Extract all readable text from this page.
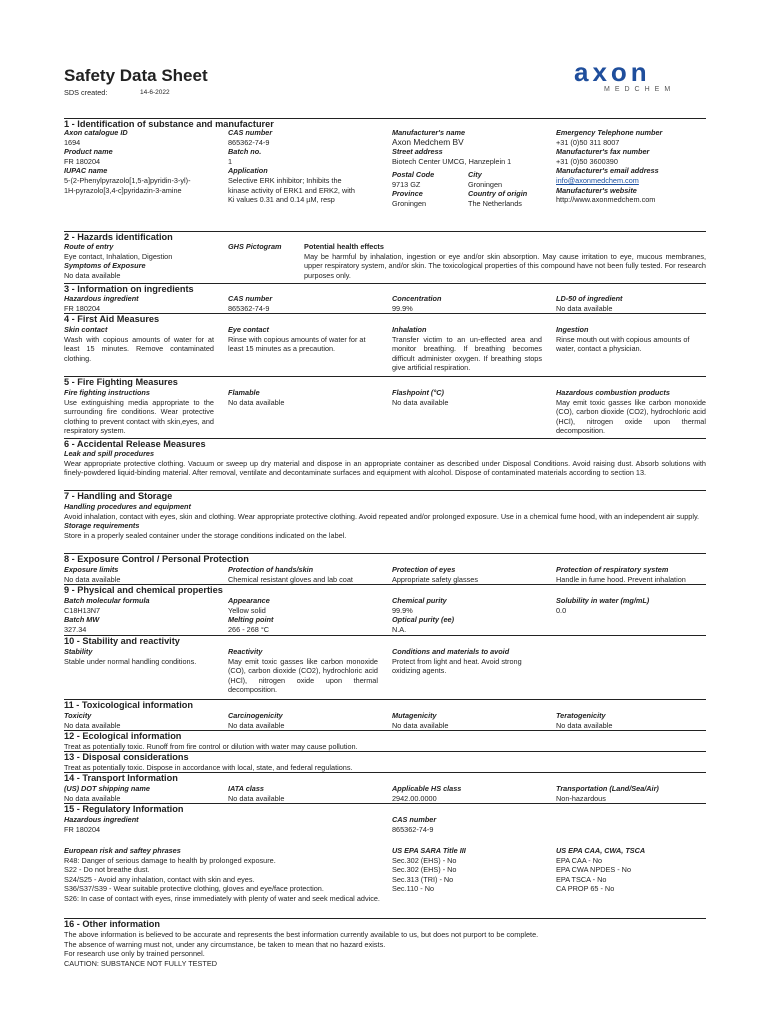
Safety Data Sheet
SDS created:	14-6-2022
axon
MEDCHEM
1 - Identification of substance and manufacturer
Axon catalogue ID
1694
Product name
FR 180204
IUPAC name
5-(2-Phenylpyrazolo[1,5-a]pyridin-3-yl)-
1H-pyrazolo[3,4-c]pyridazin-3-amine
CAS number
865362-74-9
Batch no.
1
Application
Selective ERK inhibitor; Inhibits the
kinase activity of ERK1 and ERK2, with
Ki values 0.31 and 0.14 µM, resp
Manufacturer's name
Axon Medchem BV
Street address
Biotech Center UMCG, Hanzeplein 1
Postal Code
9713 GZ
Province
Groningen
City
Groningen
Country of origin
The Netherlands
Emergency Telephone number
+31 (0)50 311 8007
Manufacturer's fax number
+31 (0)50 3600390
Manufacturer's email address
info@axonmedchem.com
Manufacturer's website
http://www.axonmedchem.com
2 - Hazards identification
Route of entry
Eye contact, Inhalation, Digestion
Symptoms of Exposure
No data available
GHS Pictogram	Potential health effects
May be harmful by inhalation, ingestion or eye and/or skin absorption. May cause irritation to eye, mucous membranes, upper respiratory system, and/or skin. The toxicological properties of this compound have not been fully tested. For research purposes only.
3 - Information on ingredients
Hazardous ingredient
FR 180204
CAS number
865362-74-9
Concentration
99.9%
LD-50 of ingredient
No data available
4 - First Aid Measures
Skin contact
Wash with copious amounts of water for at least 15 minutes. Remove contaminated clothing.
Eye contact
Rinse with copious amounts of water for at least 15 minutes as a precaution.
Inhalation
Transfer victim to an un-effected area and monitor breathing. If breathing becomes difficult administer oxygen. If breathing stops give artificial respiration.
Ingestion
Rinse mouth out with copious amounts of water, contact a physician.
5 - Fire Fighting Measures
Fire fighting instructions
Use extinguishing media appropriate to the surrounding fire conditions. Wear protective clothing to prevent contact with skin,eyes, and respiratory system.
Flamable
No data available
Flashpoint (°C)
No data available
Hazardous combustion products
May emit toxic gasses like carbon monoxide (CO), carbon dioxide (CO2), hydrochloric acid (HCl), nitrogen oxide upon thermal decomposition.
6 - Accidental Release Measures
Leak and spill procedures
Wear appropriate protective clothing. Vacuum or sweep up dry material and dispose in an appropriate container as described under Disposal Conditions. Avoid raising dust. Absorb solutions with finely-powdered liquid-binding material. After removal, ventilate and decontaminate surfaces and equipment with alcohol. Dispose of contaminated materials according to section 13.
7 - Handling and Storage
Handling procedures and equipment
Avoid inhalation, contact with eyes, skin and clothing. Wear appropriate protective clothing. Avoid repeated and/or prolonged exposure. Use in a chemical fume hood, with an independent air supply.
Storage requirements
Store in a properly sealed container under the storage conditions indicated on the label.
8 - Exposure Control / Personal Protection
Exposure limits
No data available
Protection of hands/skin
Chemical resistant gloves and lab coat
Protection of eyes
Appropriate safety glasses
Protection of respiratory system
Handle in fume hood. Prevent inhalation
9 - Physical and chemical properties
Batch molecular formula
C18H13N7
Batch MW
327.34
Appearance
Yellow solid
Melting point
266 - 268 °C
Chemical purity
99.9%
Optical purity (ee)
N.A.
Solubility in water (mg/mL)
0.0
10 - Stability and reactivity
Stability
Stable under normal handling conditions.
Reactivity
May emit toxic gasses like carbon monoxide (CO), carbon dioxide (CO2), hydrochloric acid (HCl), nitrogen oxide upon thermal decomposition.
Conditions and materials to avoid
Protect from light and heat. Avoid strong oxidizing agents.
11 - Toxicological information
Toxicity
No data available
Carcinogenicity
No data available
Mutagenicity
No data available
Teratogenicity
No data available
12 - Ecological information
Treat as potentially toxic. Runoff from fire control or dilution with water may cause pollution.
13 - Disposal considerations
Treat as potentially toxic. Dispose in accordance with local, state, and federal regulations.
14 - Transport Information
(US) DOT shipping name
No data available
IATA class
No data available
Applicable HS class
2942.00.0000
Transportation (Land/Sea/Air)
Non-hazardous
15 - Regulatory Information
Hazardous ingredient
FR 180204
CAS number
865362-74-9
European risk and saftey phrases
R48: Danger of serious damage to health by prolonged exposure.
S22 - Do not breathe dust.
S24/S25 - Avoid any inhalation, contact with skin and eyes.
S36/S37/S39 - Wear suitable protective clothing, gloves and eye/face protection.
S26: In case of contact with eyes, rinse immediately with plenty of water and seek medical advice.
US EPA SARA Title III
Sec.302 (EHS) - No
Sec.302 (EHS) - No
Sec.313 (TRI) - No
Sec.110 - No
US EPA CAA, CWA, TSCA
EPA CAA - No
EPA CWA NPDES - No
EPA TSCA - No
CA PROP 65 - No
16 - Other information
The above information is believed to be accurate and represents the best information currently available to us, but does not purport to be complete.
The absence of warning must not, under any circumstance, be taken to mean that no hazard exists.
For research use only by trained personnel.
CAUTION: SUBSTANCE NOT FULLY TESTED
